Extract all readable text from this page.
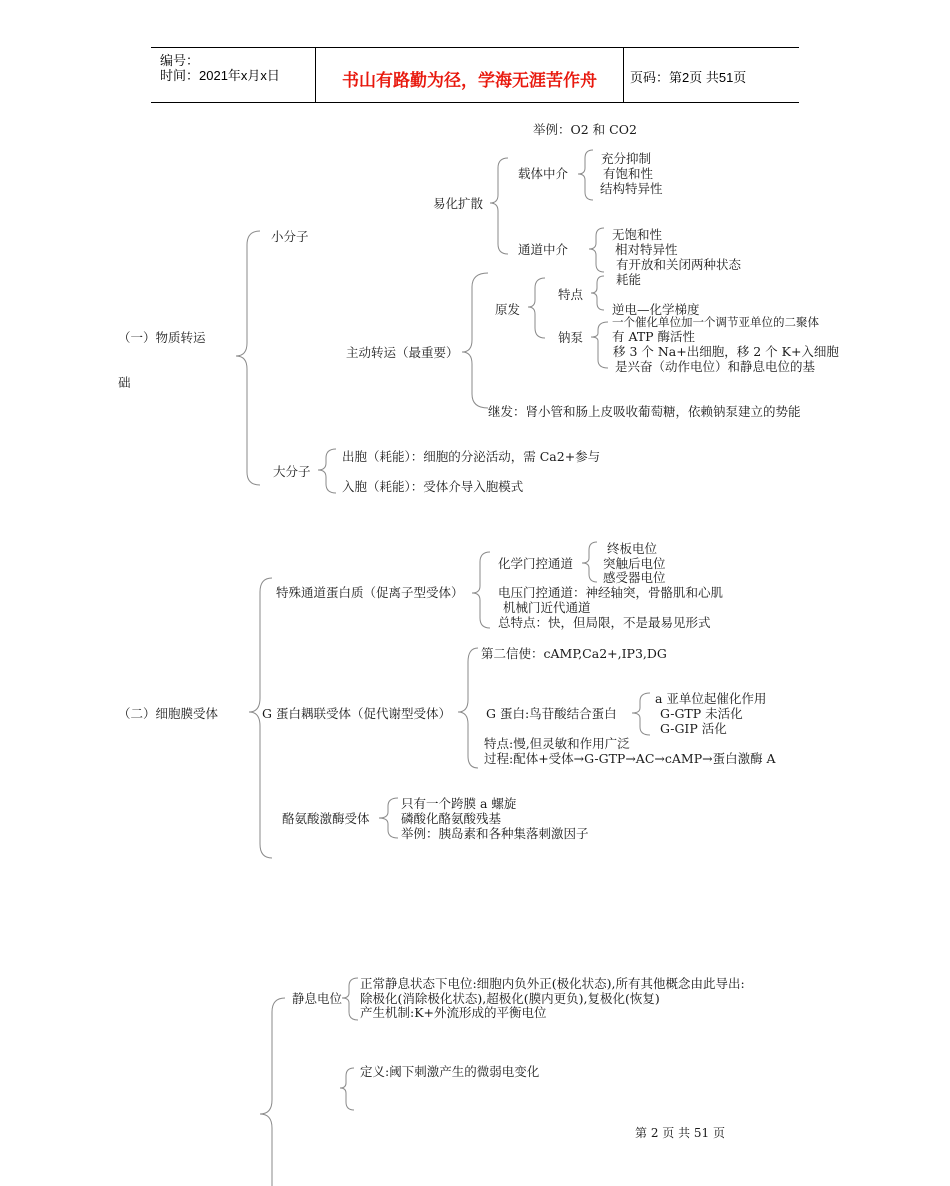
编号：
时间：2021年x月x日	书山有路勤为径，学海无涯苦作舟	页码：第2页 共51页
举例：O2 和 CO2
充分抑制
有饱和性
结构特异性
载体中介
易化扩散
小分子	无饱和性
相对特异性
通道中介
有开放和关闭两种状态
耗能
特点
原发	逆电—化学梯度
一个催化单位加一个调节亚单位的二聚体
（一）物质转运	钠泵 有 ATP 酶活性
主动转运（最重要）	移 3 个 Na+出细胞，移 2 个 K+入细胞
是兴奋（动作电位）和静息电位的基
础
继发：肾小管和肠上皮吸收葡萄糖，依赖钠泵建立的势能
出胞（耗能）：细胞的分泌活动，需 Ca2+参与
大分子
入胞（耗能）：受体介导入胞模式
终板电位
化学门控通道 突触后电位
感受器电位
特殊通道蛋白质（促离子型受体）	电压门控通道：神经轴突，骨骼肌和心肌
机械门近代通道
总特点：快，但局限，不是最易见形式
第二信使：cAMP,Ca2+,IP3,DG
a 亚单位起催化作用
（二）细胞膜受体	G 蛋白耦联受体（促代谢型受体）	G 蛋白:鸟苷酸结合蛋白	G-GTP 未活化
G-GIP 活化
特点:慢,但灵敏和作用广泛
过程:配体+受体→G-GTP→AC→cAMP→蛋白激酶 A
只有一个跨膜 a 螺旋
酪氨酸激酶受体	磷酸化酪氨酸残基
举例：胰岛素和各种集落刺激因子
正常静息状态下电位:细胞内负外正(极化状态),所有其他概念由此导出:
静息电位 除极化(消除极化状态),超极化(膜内更负),复极化(恢复)
产生机制:K+外流形成的平衡电位
定义:阈下刺激产生的微弱电变化
第 2 页 共 51 页
